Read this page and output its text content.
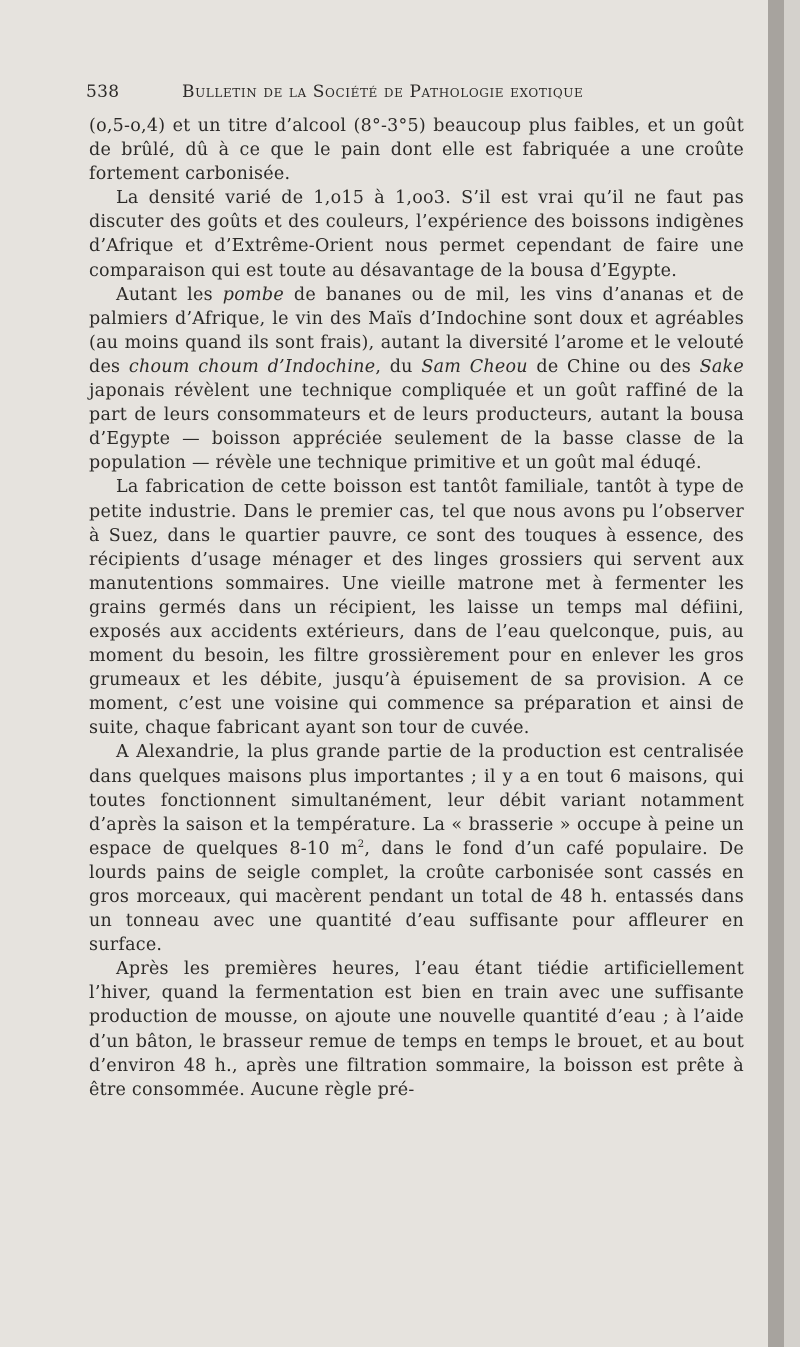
538	Bulletin de la Société de Pathologie exotique

(o,5-o,4) et un titre d’alcool (8°-3°5) beaucoup plus faibles, et un goût de brûlé, dû à ce que le pain dont elle est fabriquée a une croûte fortement carbonisée.

La densité varié de 1,o15 à 1,oo3. S’il est vrai qu’il ne faut pas discuter des goûts et des couleurs, l’expérience des boissons indigènes d’Afrique et d’Extrême-Orient nous permet cependant de faire une comparaison qui est toute au désavantage de la bousa d’Egypte.

Autant les pombe de bananes ou de mil, les vins d’ananas et de palmiers d’Afrique, le vin des Maïs d’Indochine sont doux et agréables (au moins quand ils sont frais), autant la diversité l’arome et le velouté des choum choum d’Indochine, du Sam Cheou de Chine ou des Sake japonais révèlent une technique compliquée et un goût raffiné de la part de leurs consommateurs et de leurs producteurs, autant la bousa d’Egypte — boisson appréciée seulement de la basse classe de la population — révèle une technique primitive et un goût mal éduqé.

La fabrication de cette boisson est tantôt familiale, tantôt à type de petite industrie. Dans le premier cas, tel que nous avons pu l’observer à Suez, dans le quartier pauvre, ce sont des touques à essence, des récipients d’usage ménager et des linges grossiers qui servent aux manutentions sommaires. Une vieille matrone met à fermenter les grains germés dans un récipient, les laisse un temps mal défiini, exposés aux accidents extérieurs, dans de l’eau quelconque, puis, au moment du besoin, les filtre grossièrement pour en enlever les gros grumeaux et les débite, jusqu’à épuisement de sa provision. A ce moment, c’est une voisine qui commence sa préparation et ainsi de suite, chaque fabricant ayant son tour de cuvée.

A Alexandrie, la plus grande partie de la production est centralisée dans quelques maisons plus importantes ; il y a en tout 6 maisons, qui toutes fonctionnent simultanément, leur débit variant notamment d’après la saison et la température. La « brasserie » occupe à peine un espace de quelques 8-10 $m^2$, dans le fond d’un café populaire. De lourds pains de seigle complet, la croûte carbonisée sont cassés en gros morceaux, qui macèrent pendant un total de 48 h. entassés dans un tonneau avec une quantité d’eau suffisante pour affleurer en surface.

Après les premières heures, l’eau étant tiédie artificiellement l’hiver, quand la fermentation est bien en train avec une suffisante production de mousse, on ajoute une nouvelle quantité d’eau ; à l’aide d’un bâton, le brasseur remue de temps en temps le brouet, et au bout d’environ 48 h., après une filtration sommaire, la boisson est prête à être consommée. Aucune règle pré-
